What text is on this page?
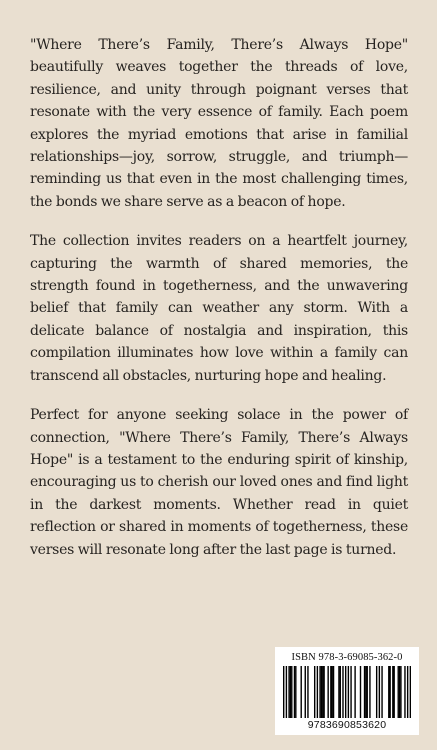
"Where There’s Family, There’s Always Hope" beautifully weaves together the threads of love, resilience, and unity through poignant verses that resonate with the very essence of family. Each poem explores the myriad emotions that arise in familial relationships—joy, sorrow, struggle, and triumph—reminding us that even in the most challenging times, the bonds we share serve as a beacon of hope.

The collection invites readers on a heartfelt journey, capturing the warmth of shared memories, the strength found in togetherness, and the unwavering belief that family can weather any storm. With a delicate balance of nostalgia and inspiration, this compilation illuminates how love within a family can transcend all obstacles, nurturing hope and healing.

Perfect for anyone seeking solace in the power of connection, "Where There’s Family, There’s Always Hope" is a testament to the enduring spirit of kinship, encouraging us to cherish our loved ones and find light in the darkest moments. Whether read in quiet reflection or shared in moments of togetherness, these verses will resonate long after the last page is turned.

ISBN 978-3-69085-362-0
9783690853620
